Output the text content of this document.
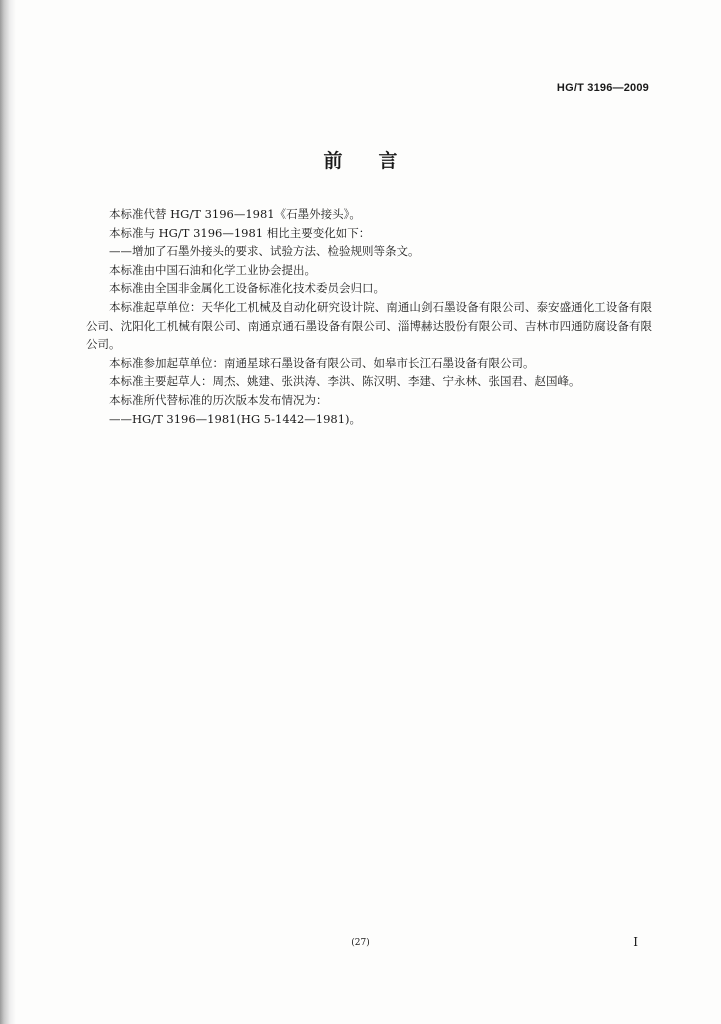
HG/T 3196—2009
前 言

本标准代替 HG/T 3196—1981《石墨外接头》。

本标准与 HG/T 3196—1981 相比主要变化如下：

——增加了石墨外接头的要求、试验方法、检验规则等条文。

本标准由中国石油和化学工业协会提出。

本标准由全国非金属化工设备标准化技术委员会归口。

本标准起草单位：天华化工机械及自动化研究设计院、南通山剑石墨设备有限公司、泰安盛通化工设备有限公司、沈阳化工机械有限公司、南通京通石墨设备有限公司、淄博赫达股份有限公司、吉林市四通防腐设备有限公司。

本标准参加起草单位：南通星球石墨设备有限公司、如皋市长江石墨设备有限公司。

本标准主要起草人：周杰、姚建、张洪涛、李洪、陈汉明、李建、宁永林、张国君、赵国峰。

本标准所代替标准的历次版本发布情况为：

——HG/T 3196—1981(HG 5-1442—1981)。

(27)	I
